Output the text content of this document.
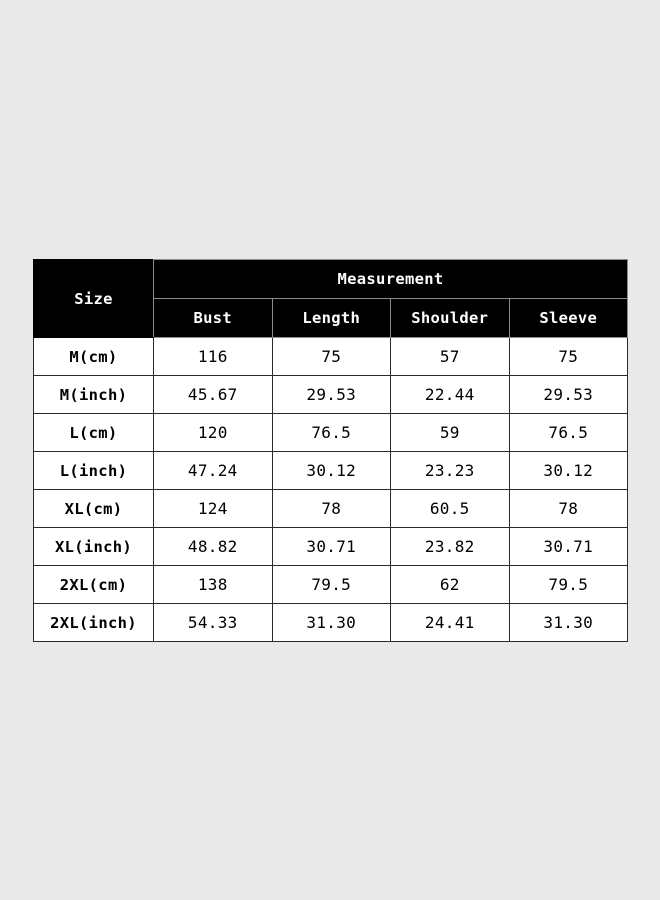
Size	Measurement			
	Bust	Length	Shoulder	Sleeve
M(cm)	116	75	57	75
M(inch)	45.67	29.53	22.44	29.53
L(cm)	120	76.5	59	76.5
L(inch)	47.24	30.12	23.23	30.12
XL(cm)	124	78	60.5	78
XL(inch)	48.82	30.71	23.82	30.71
2XL(cm)	138	79.5	62	79.5
2XL(inch)	54.33	31.30	24.41	31.30
